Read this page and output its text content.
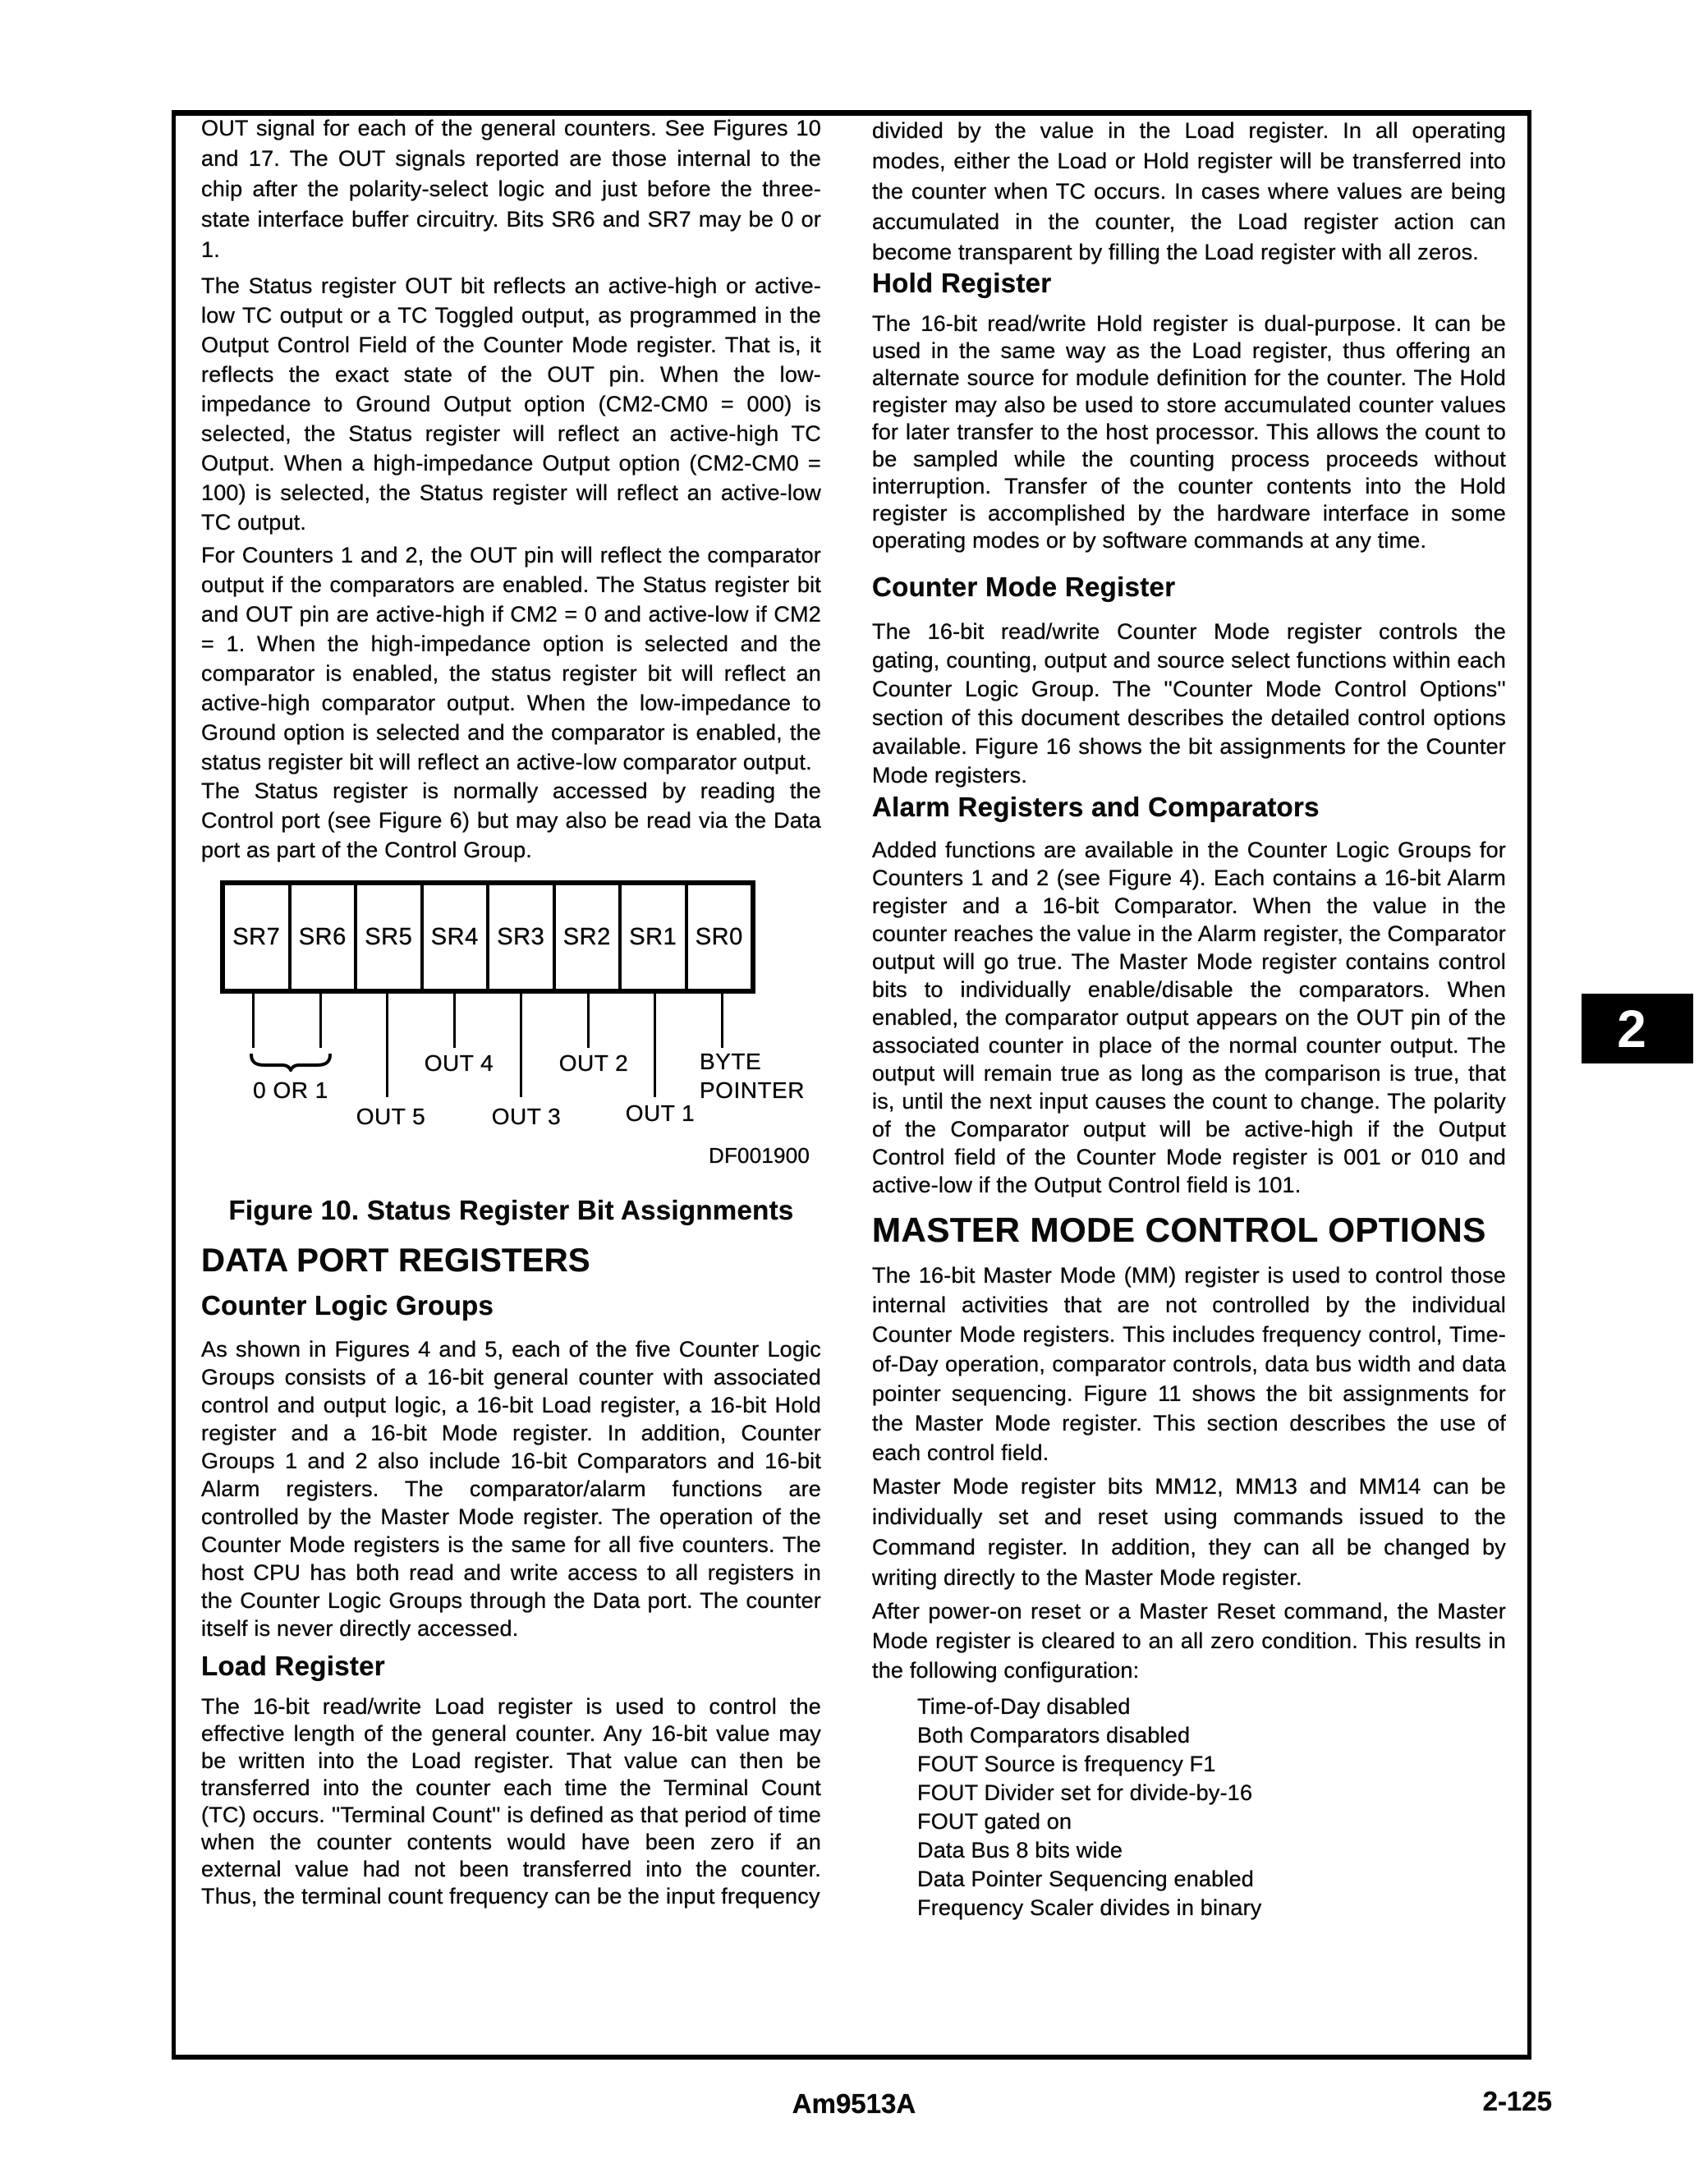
OUT signal for each of the general counters. See Figures 10 and 17. The OUT signals reported are those internal to the chip after the polarity-select logic and just before the three-state interface buffer circuitry. Bits SR6 and SR7 may be 0 or 1.

The Status register OUT bit reflects an active-high or active-low TC output or a TC Toggled output, as programmed in the Output Control Field of the Counter Mode register. That is, it reflects the exact state of the OUT pin. When the low-impedance to Ground Output option (CM2-CM0 = 000) is selected, the Status register will reflect an active-high TC Output. When a high-impedance Output option (CM2-CM0 = 100) is selected, the Status register will reflect an active-low TC output.

For Counters 1 and 2, the OUT pin will reflect the comparator output if the comparators are enabled. The Status register bit and OUT pin are active-high if CM2 = 0 and active-low if CM2 = 1. When the high-impedance option is selected and the comparator is enabled, the status register bit will reflect an active-high comparator output. When the low-impedance to Ground option is selected and the comparator is enabled, the status register bit will reflect an active-low comparator output.

The Status register is normally accessed by reading the Control port (see Figure 6) but may also be read via the Data port as part of the Control Group.

SR7 SR6 SR5 SR4 SR3 SR2 SR1 SR0
0 OR 1
OUT 4	OUT 2	BYTE
POINTER
OUT 5	OUT 3	OUT 1
DF001900

Figure 10. Status Register Bit Assignments

DATA PORT REGISTERS
Counter Logic Groups

As shown in Figures 4 and 5, each of the five Counter Logic Groups consists of a 16-bit general counter with associated control and output logic, a 16-bit Load register, a 16-bit Hold register and a 16-bit Mode register. In addition, Counter Groups 1 and 2 also include 16-bit Comparators and 16-bit Alarm registers. The comparator/alarm functions are controlled by the Master Mode register. The operation of the Counter Mode registers is the same for all five counters. The host CPU has both read and write access to all registers in the Counter Logic Groups through the Data port. The counter itself is never directly accessed.

Load Register

The 16-bit read/write Load register is used to control the effective length of the general counter. Any 16-bit value may be written into the Load register. That value can then be transferred into the counter each time the Terminal Count (TC) occurs. ''Terminal Count'' is defined as that period of time when the counter contents would have been zero if an external value had not been transferred into the counter. Thus, the terminal count frequency can be the input frequency

divided by the value in the Load register. In all operating modes, either the Load or Hold register will be transferred into the counter when TC occurs. In cases where values are being accumulated in the counter, the Load register action can become transparent by filling the Load register with all zeros.

Hold Register

The 16-bit read/write Hold register is dual-purpose. It can be used in the same way as the Load register, thus offering an alternate source for module definition for the counter. The Hold register may also be used to store accumulated counter values for later transfer to the host processor. This allows the count to be sampled while the counting process proceeds without interruption. Transfer of the counter contents into the Hold register is accomplished by the hardware interface in some operating modes or by software commands at any time.

Counter Mode Register

The 16-bit read/write Counter Mode register controls the gating, counting, output and source select functions within each Counter Logic Group. The ''Counter Mode Control Options'' section of this document describes the detailed control options available. Figure 16 shows the bit assignments for the Counter Mode registers.

Alarm Registers and Comparators

Added functions are available in the Counter Logic Groups for Counters 1 and 2 (see Figure 4). Each contains a 16-bit Alarm register and a 16-bit Comparator. When the value in the counter reaches the value in the Alarm register, the Comparator output will go true. The Master Mode register contains control bits to individually enable/disable the comparators. When enabled, the comparator output appears on the OUT pin of the associated counter in place of the normal counter output. The output will remain true as long as the comparison is true, that is, until the next input causes the count to change. The polarity of the Comparator output will be active-high if the Output Control field of the Counter Mode register is 001 or 010 and active-low if the Output Control field is 101.

MASTER MODE CONTROL OPTIONS

The 16-bit Master Mode (MM) register is used to control those internal activities that are not controlled by the individual Counter Mode registers. This includes frequency control, Time-of-Day operation, comparator controls, data bus width and data pointer sequencing. Figure 11 shows the bit assignments for the Master Mode register. This section describes the use of each control field.

Master Mode register bits MM12, MM13 and MM14 can be individually set and reset using commands issued to the Command register. In addition, they can all be changed by writing directly to the Master Mode register.

After power-on reset or a Master Reset command, the Master Mode register is cleared to an all zero condition. This results in the following configuration:

Time-of-Day disabled
Both Comparators disabled
FOUT Source is frequency F1
FOUT Divider set for divide-by-16
FOUT gated on
Data Bus 8 bits wide
Data Pointer Sequencing enabled
Frequency Scaler divides in binary
2

Am9513A	2-125
